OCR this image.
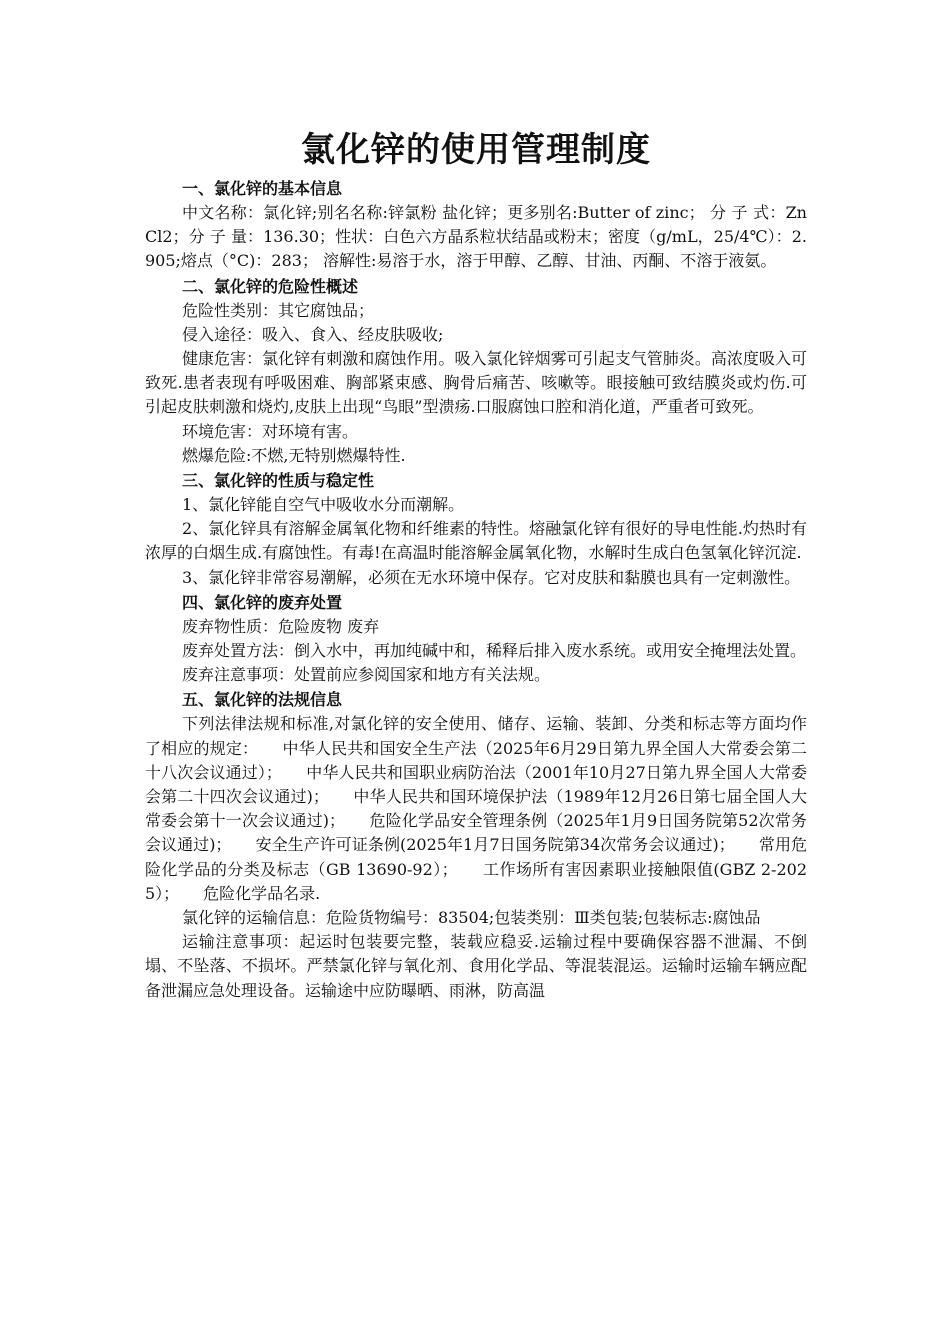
氯化锌的使用管理制度
一、氯化锌的基本信息

中文名称：氯化锌;别名名称:锌氯粉 盐化锌；更多别名:Butter of zinc； 分 子 式：ZnCl2；分 子 量：136.30；性状：白色六方晶系粒状结晶或粉末；密度（g/mL，25/4℃）：2.905;熔点（°C)：283； 溶解性:易溶于水，溶于甲醇、乙醇、甘油、丙酮、不溶于液氨。

二、氯化锌的危险性概述

危险性类别：其它腐蚀品；

侵入途径：吸入、食入、经皮肤吸收;

健康危害：氯化锌有刺激和腐蚀作用。吸入氯化锌烟雾可引起支气管肺炎。高浓度吸入可致死.患者表现有呼吸困难、胸部紧束感、胸骨后痛苦、咳嗽等。眼接触可致结膜炎或灼伤.可引起皮肤刺激和烧灼,皮肤上出现“鸟眼”型溃疡.口服腐蚀口腔和消化道，严重者可致死。

环境危害：对环境有害。

燃爆危险:不燃,无特别燃爆特性.

三、氯化锌的性质与稳定性

1、氯化锌能自空气中吸收水分而潮解。

2、氯化锌具有溶解金属氧化物和纤维素的特性。熔融氯化锌有很好的导电性能.灼热时有浓厚的白烟生成.有腐蚀性。有毒!在高温时能溶解金属氧化物，水解时生成白色氢氧化锌沉淀.

3、氯化锌非常容易潮解，必须在无水环境中保存。它对皮肤和黏膜也具有一定刺激性。

四、氯化锌的废弃处置

废弃物性质：危险废物 废弃

废弃处置方法：倒入水中，再加纯碱中和，稀释后排入废水系统。或用安全掩埋法处置。

废弃注意事项：处置前应参阅国家和地方有关法规。

五、氯化锌的法规信息

下列法律法规和标准,对氯化锌的安全使用、储存、运输、装卸、分类和标志等方面均作了相应的规定：　　中华人民共和国安全生产法（2025年6月29日第九界全国人大常委会第二十八次会议通过）；　　中华人民共和国职业病防治法（2001年10月27日第九界全国人大常委会第二十四次会议通过)；　　中华人民共和国环境保护法（1989年12月26日第七届全国人大常委会第十一次会议通过)；　　危险化学品安全管理条例（2025年1月9日国务院第52次常务会议通过)；　　安全生产许可证条例(2025年1月7日国务院第34次常务会议通过)；　　常用危险化学品的分类及标志（GB 13690-92）；　　工作场所有害因素职业接触限值(GBZ 2-2025）；　　危险化学品名录.

氯化锌的运输信息：危险货物编号：83504;包装类别：Ⅲ类包装;包装标志:腐蚀品

运输注意事项：起运时包装要完整，装载应稳妥.运输过程中要确保容器不泄漏、不倒塌、不坠落、不损坏。严禁氯化锌与氧化剂、食用化学品、等混装混运。运输时运输车辆应配备泄漏应急处理设备。运输途中应防曝晒、雨淋，防高温
